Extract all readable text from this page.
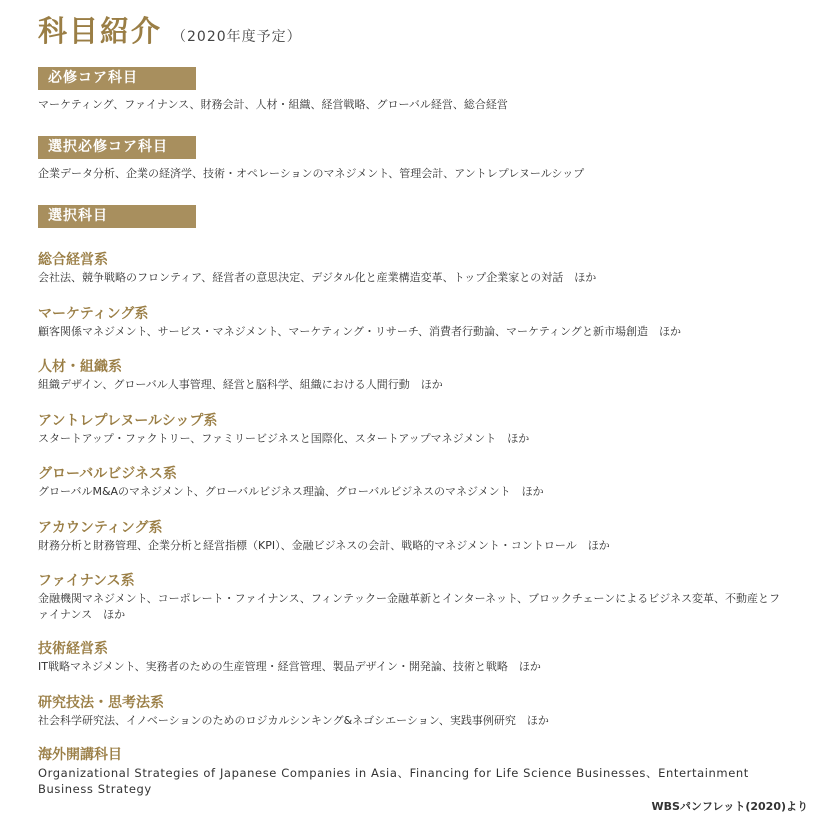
科目紹介 （2020年度予定）
必修コア科目
マーケティング、ファイナンス、財務会計、人材・組織、経営戦略、グローバル経営、総合経営
選択必修コア科目
企業データ分析、企業の経済学、技術・オペレーションのマネジメント、管理会計、アントレプレヌールシップ
選択科目
総合経営系
会社法、競争戦略のフロンティア、経営者の意思決定、デジタル化と産業構造変革、トップ企業家との対話　ほか
マーケティング系
顧客関係マネジメント、サービス・マネジメント、マーケティング・リサーチ、消費者行動論、マーケティングと新市場創造　ほか
人材・組織系
組織デザイン、グローバル人事管理、経営と脳科学、組織における人間行動　ほか
アントレプレヌールシップ系
スタートアップ・ファクトリー、ファミリービジネスと国際化、スタートアップマネジメント　ほか
グローバルビジネス系
グローバルM&Aのマネジメント、グローバルビジネス理論、グローバルビジネスのマネジメント　ほか
アカウンティング系
財務分析と財務管理、企業分析と経営指標（KPI）、金融ビジネスの会計、戦略的マネジメント・コントロール　ほか
ファイナンス系
金融機関マネジメント、コーポレート・ファイナンス、フィンテックー金融革新とインターネット、ブロックチェーンによるビジネス変革、不動産とファイナンス　ほか
技術経営系
IT戦略マネジメント、実務者のための生産管理・経営管理、製品デザイン・開発論、技術と戦略　ほか
研究技法・思考法系
社会科学研究法、イノベーションのためのロジカルシンキング&ネゴシエーション、実践事例研究　ほか
海外開講科目
Organizational Strategies of Japanese Companies in Asia、Financing for Life Science Businesses、Entertainment Business Strategy
WBSパンフレット(2020)より
